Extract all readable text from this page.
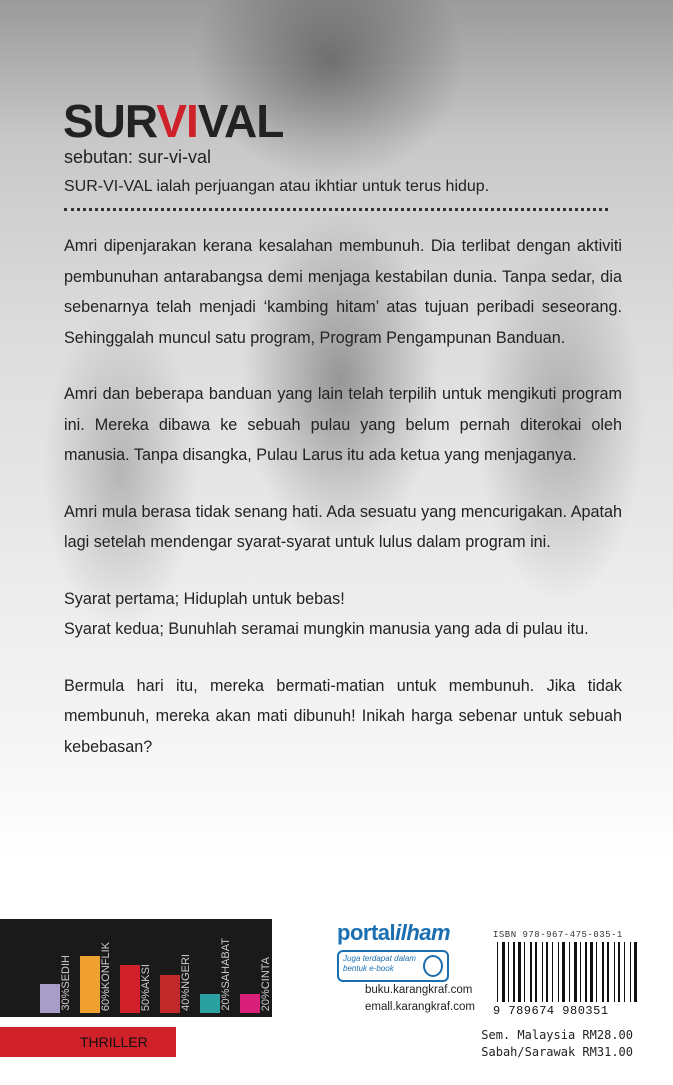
SURVIVAL
sebutan: sur-vi-val
SUR-VI-VAL ialah perjuangan atau ikhtiar untuk terus hidup.

Amri dipenjarakan kerana kesalahan membunuh. Dia terlibat dengan aktiviti pembunuhan antarabangsa demi menjaga kestabilan dunia. Tanpa sedar, dia sebenarnya telah menjadi ‘kambing hitam’ atas tujuan peribadi seseorang. Sehinggalah muncul satu program, Program Pengampunan Banduan.

Amri dan beberapa banduan yang lain telah terpilih untuk mengikuti program ini. Mereka dibawa ke sebuah pulau yang belum pernah diterokai oleh manusia. Tanpa disangka, Pulau Larus itu ada ketua yang menjaganya.

Amri mula berasa tidak senang hati. Ada sesuatu yang mencurigakan. Apatah lagi setelah mendengar syarat-syarat untuk lulus dalam program ini.

Syarat pertama; Hiduplah untuk bebas!

Syarat kedua; Bunuhlah seramai mungkin manusia yang ada di pulau itu.

Bermula hari itu, mereka bermati-matian untuk membunuh. Jika tidak membunuh, mereka akan mati dibunuh! Inikah harga sebenar untuk sebuah kebebasan?

30%SEDIH	60%KONFLIK	50%AKSI	40%NGERI	20%SAHABAT	20%CINTA
THRILLER
portalilham
Juga terdapat dalam bentuk e-book
buku.karangkraf.com
emall.karangkraf.com
ISBN 978-967-475-035-1
9 789674 980351
Sem. Malaysia RM28.00
Sabah/Sarawak RM31.00
